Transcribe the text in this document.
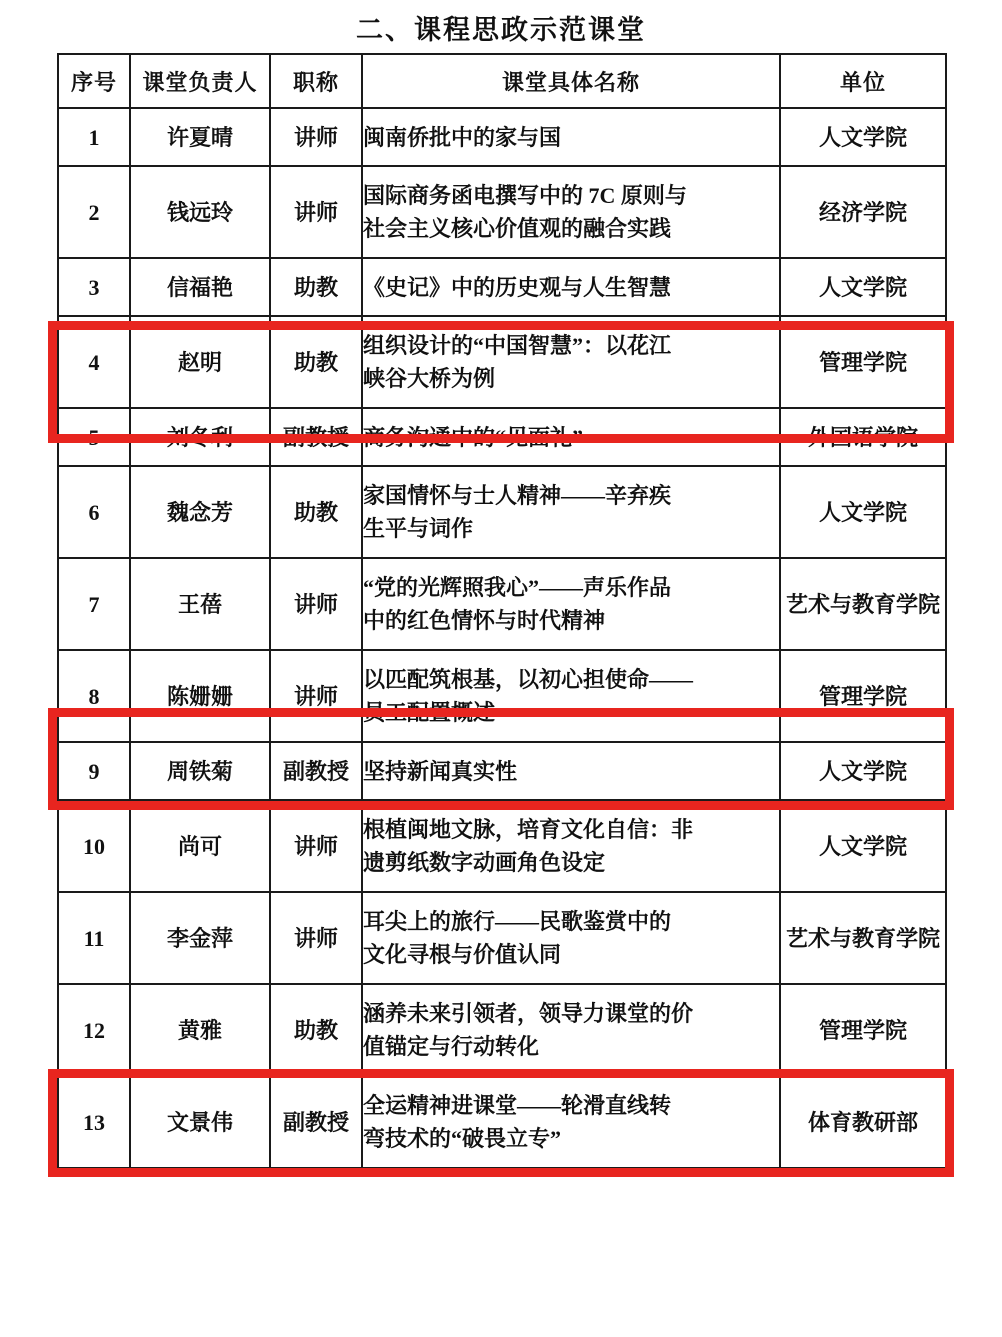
二、课程思政示范课堂
序号	课堂负责人	职称	课堂具体名称	单位
1	许夏晴	讲师	闽南侨批中的家与国	人文学院
2	钱远玲	讲师	国际商务函电撰写中的 7C 原则与
社会主义核心价值观的融合实践	经济学院
3	信福艳	助教	《史记》中的历史观与人生智慧	人文学院
4	赵明	助教	组织设计的“中国智慧”：以花江
峡谷大桥为例	管理学院
5	刘冬利	副教授	商务沟通中的“见面礼”	外国语学院
6	魏念芳	助教	家国情怀与士人精神——辛弃疾
生平与词作	人文学院
7	王蓓	讲师	“党的光辉照我心”——声乐作品
中的红色情怀与时代精神	艺术与教育学院
8	陈姗姗	讲师	以匹配筑根基，以初心担使命——
员工配置概述	管理学院
9	周铁菊	副教授	坚持新闻真实性	人文学院
10	尚可	讲师	根植闽地文脉，培育文化自信：非
遗剪纸数字动画角色设定	人文学院
11	李金萍	讲师	耳尖上的旅行——民歌鉴赏中的
文化寻根与价值认同	艺术与教育学院
12	黄雅	助教	涵养未来引领者，领导力课堂的价
值锚定与行动转化	管理学院
13	文景伟	副教授	全运精神进课堂——轮滑直线转
弯技术的“破畏立专”	体育教研部
